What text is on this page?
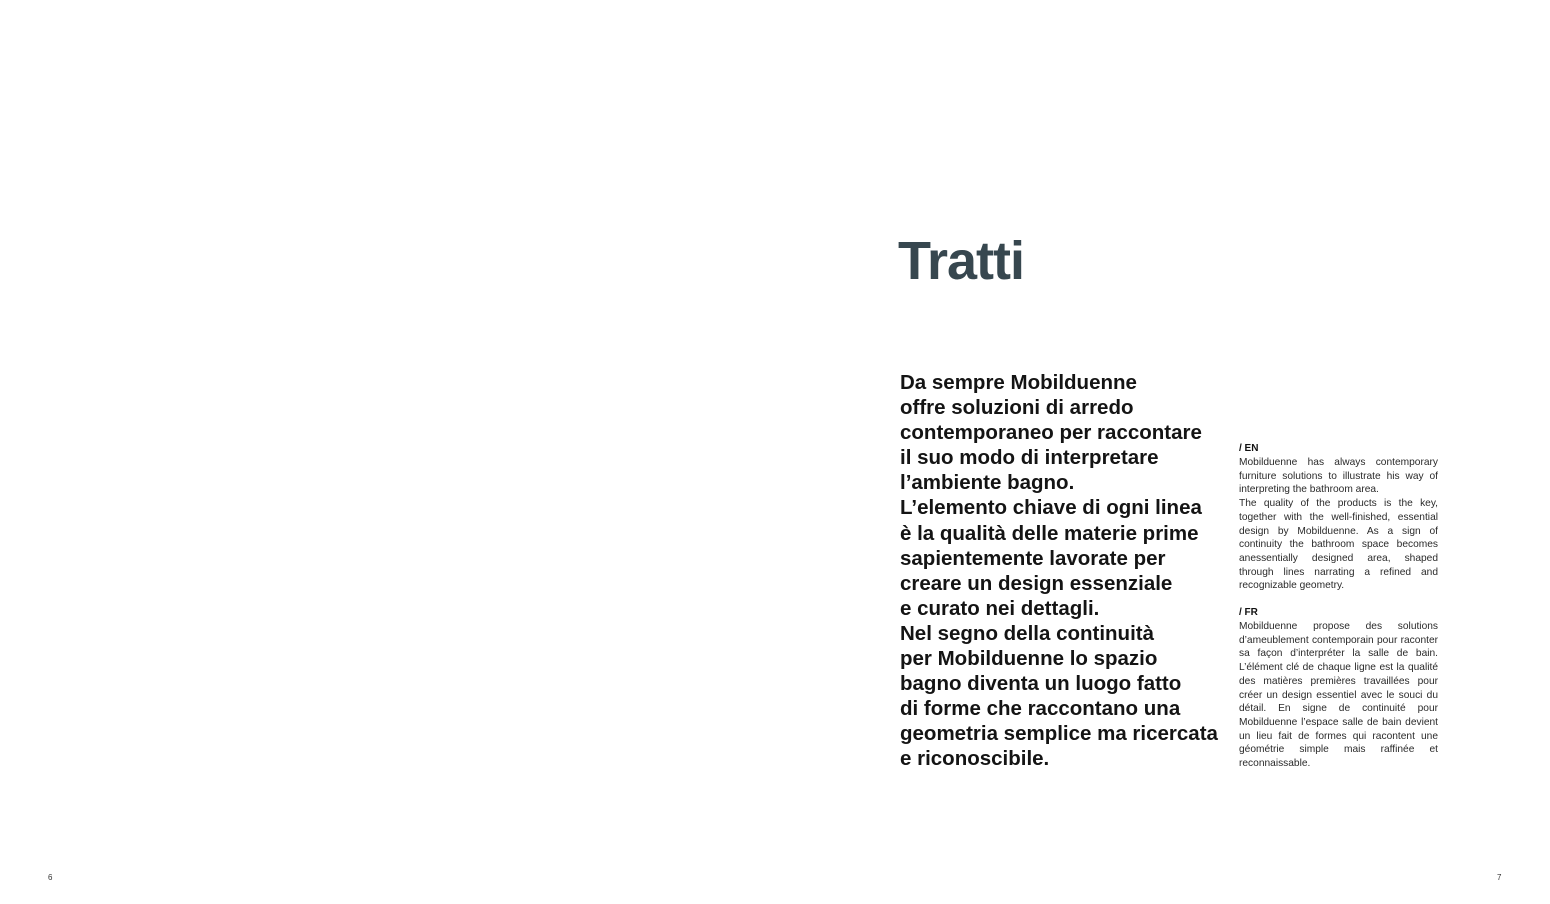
Tratti

Da sempre Mobilduenne
offre soluzioni di arredo
contemporaneo per raccontare
il suo modo di interpretare
l’ambiente bagno.
L’elemento chiave di ogni linea
è la qualità delle materie prime
sapientemente lavorate per
creare un design essenziale
e curato nei dettagli.
Nel segno della continuità
per Mobilduenne lo spazio
bagno diventa un luogo fatto
di forme che raccontano una
geometria semplice ma ricercata
e riconoscibile.

/ EN

Mobilduenne has always contemporary furniture solutions to illustrate his way of interpreting the bathroom area.

The quality of the products is the key, together with the well-finished, essential design by Mobilduenne. As a sign of continuity the bathroom space becomes anessentially designed area, shaped through lines narrating a refined and recognizable geometry.

/ FR

Mobilduenne propose des solutions d’ameublement contemporain pour raconter sa façon d’interpréter la salle de bain. L’élément clé de chaque ligne est la qualité des matières premières travaillées pour créer un design essentiel avec le souci du détail. En signe de continuité pour Mobilduenne l’espace salle de bain devient un lieu fait de formes qui racontent une géométrie simple mais raffinée et reconnaissable.

6	7
